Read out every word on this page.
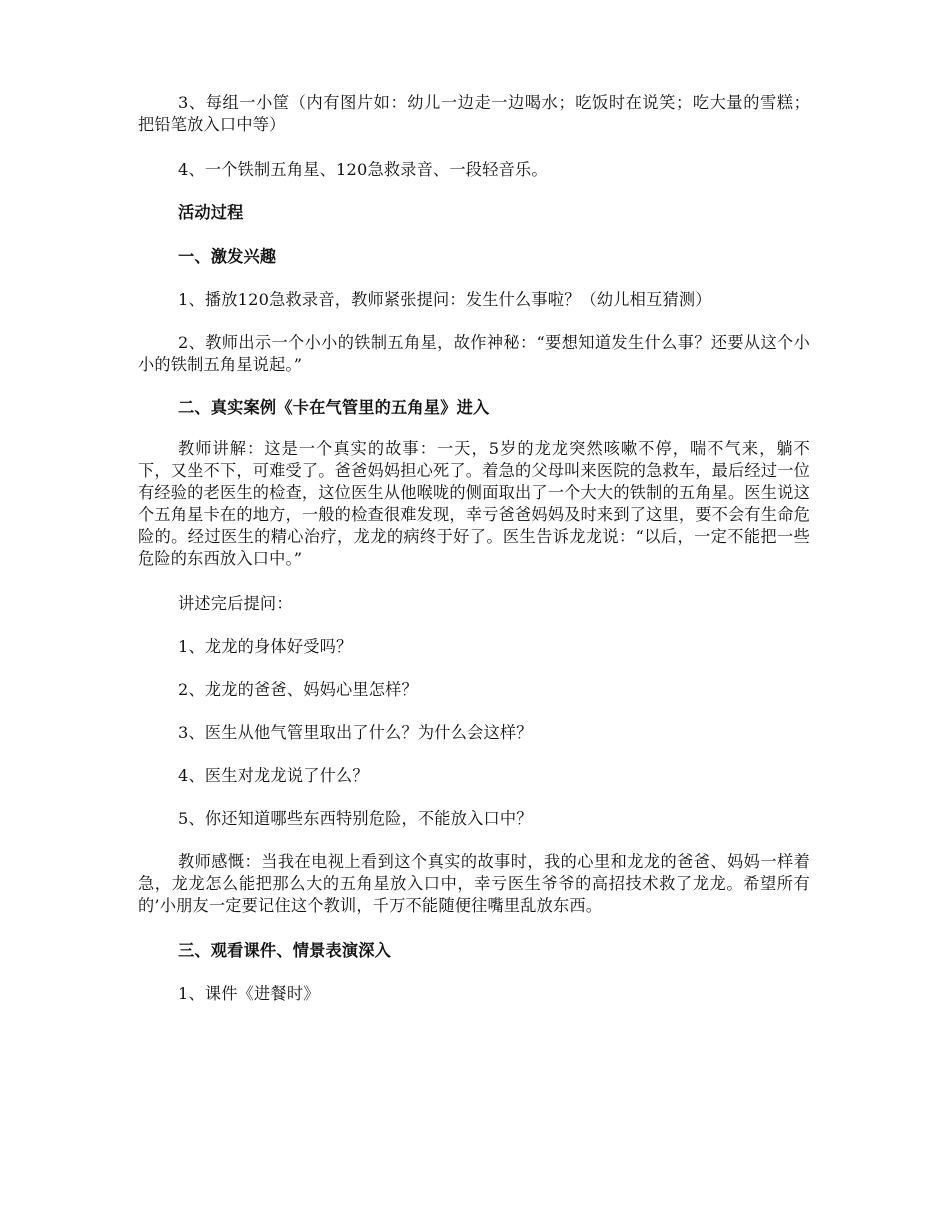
3、每组一小筐（内有图片如：幼儿一边走一边喝水；吃饭时在说笑；吃大量的雪糕；把铅笔放入口中等）

4、一个铁制五角星、120急救录音、一段轻音乐。

活动过程

一、激发兴趣

1、播放120急救录音，教师紧张提问：发生什么事啦？（幼儿相互猜测）

2、教师出示一个小小的铁制五角星，故作神秘：“要想知道发生什么事？还要从这个小小的铁制五角星说起。”

二、真实案例《卡在气管里的五角星》进入

教师讲解：这是一个真实的故事：一天，5岁的龙龙突然咳嗽不停，喘不气来，躺不下，又坐不下，可难受了。爸爸妈妈担心死了。着急的父母叫来医院的急救车，最后经过一位有经验的老医生的检查，这位医生从他喉咙的侧面取出了一个大大的铁制的五角星。医生说这个五角星卡在的地方，一般的检查很难发现，幸亏爸爸妈妈及时来到了这里，要不会有生命危险的。经过医生的精心治疗，龙龙的病终于好了。医生告诉龙龙说：“以后，一定不能把一些危险的东西放入口中。”

讲述完后提问：

1、龙龙的身体好受吗？

2、龙龙的爸爸、妈妈心里怎样？

3、医生从他气管里取出了什么？为什么会这样？

4、医生对龙龙说了什么？

5、你还知道哪些东西特别危险，不能放入口中？

教师感慨：当我在电视上看到这个真实的故事时，我的心里和龙龙的爸爸、妈妈一样着急，龙龙怎么能把那么大的五角星放入口中，幸亏医生爷爷的高招技术救了龙龙。希望所有的’小朋友一定要记住这个教训，千万不能随便往嘴里乱放东西。

三、观看课件、情景表演深入

1、课件《进餐时》
